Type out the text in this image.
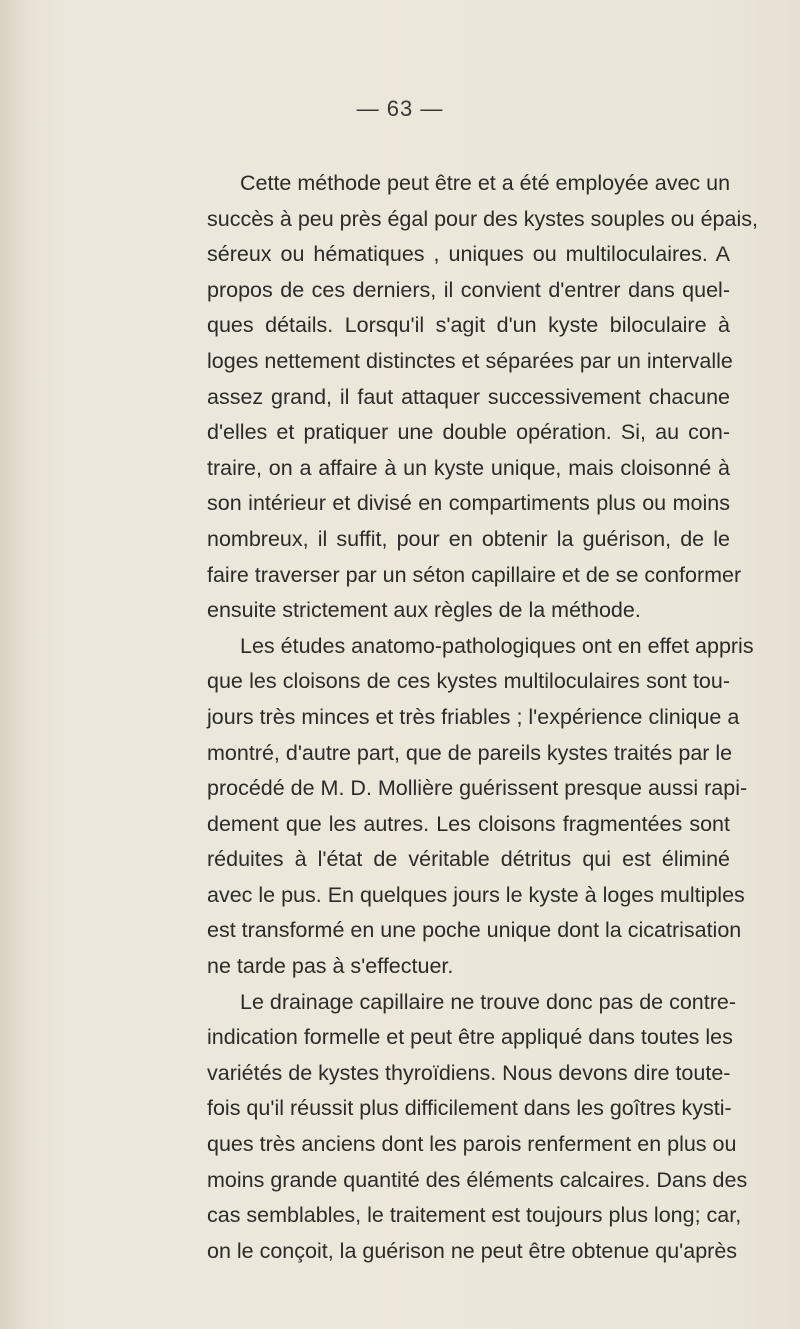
— 63 —
Cette méthode peut être et a été employée avec un
succès à peu près égal pour des kystes souples ou épais,
séreux ou hématiques , uniques ou multiloculaires. A
propos de ces derniers, il convient d'entrer dans quel-
ques détails. Lorsqu'il s'agit d'un kyste biloculaire à
loges nettement distinctes et séparées par un intervalle
assez grand, il faut attaquer successivement chacune
d'elles et pratiquer une double opération. Si, au con-
traire, on a affaire à un kyste unique, mais cloisonné à
son intérieur et divisé en compartiments plus ou moins
nombreux, il suffit, pour en obtenir la guérison, de le
faire traverser par un séton capillaire et de se conformer
ensuite strictement aux règles de la méthode.
Les études anatomo-pathologiques ont en effet appris
que les cloisons de ces kystes multiloculaires sont tou-
jours très minces et très friables ; l'expérience clinique a
montré, d'autre part, que de pareils kystes traités par le
procédé de M. D. Mollière guérissent presque aussi rapi-
dement que les autres. Les cloisons fragmentées sont
réduites à l'état de véritable détritus qui est éliminé
avec le pus. En quelques jours le kyste à loges multiples
est transformé en une poche unique dont la cicatrisation
ne tarde pas à s'effectuer.
Le drainage capillaire ne trouve donc pas de contre-
indication formelle et peut être appliqué dans toutes les
variétés de kystes thyroïdiens. Nous devons dire toute-
fois qu'il réussit plus difficilement dans les goîtres kysti-
ques très anciens dont les parois renferment en plus ou
moins grande quantité des éléments calcaires. Dans des
cas semblables, le traitement est toujours plus long; car,
on le conçoit, la guérison ne peut être obtenue qu'après
